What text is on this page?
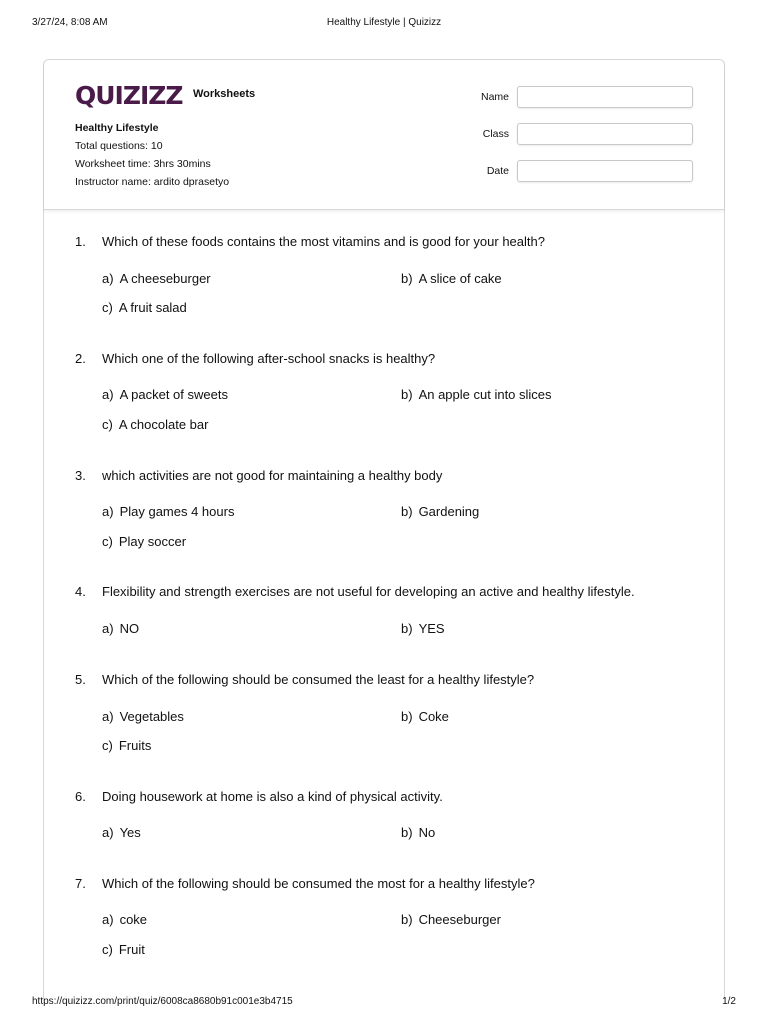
3/27/24, 8:08 AM	Healthy Lifestyle | Quizizz
QUIZIZZ Worksheets
Healthy Lifestyle
Total questions: 10
Worksheet time: 3hrs 30mins
Instructor name: ardito dprasetyo
Name
Class
Date
1. Which of these foods contains the most vitamins and is good for your health?
a) A cheeseburger	b) A slice of cake
c) A fruit salad
2. Which one of the following after-school snacks is healthy?
a) A packet of sweets	b) An apple cut into slices
c) A chocolate bar
3. which activities are not good for maintaining a healthy body
a) Play games 4 hours	b) Gardening
c) Play soccer
4. Flexibility and strength exercises are not useful for developing an active and healthy lifestyle.
a) NO	b) YES
5. Which of the following should be consumed the least for a healthy lifestyle?
a) Vegetables	b) Coke
c) Fruits
6. Doing housework at home is also a kind of physical activity.
a) Yes	b) No
7. Which of the following should be consumed the most for a healthy lifestyle?
a) coke	b) Cheeseburger
c) Fruit
https://quizizz.com/print/quiz/6008ca8680b91c001e3b4715	1/2
